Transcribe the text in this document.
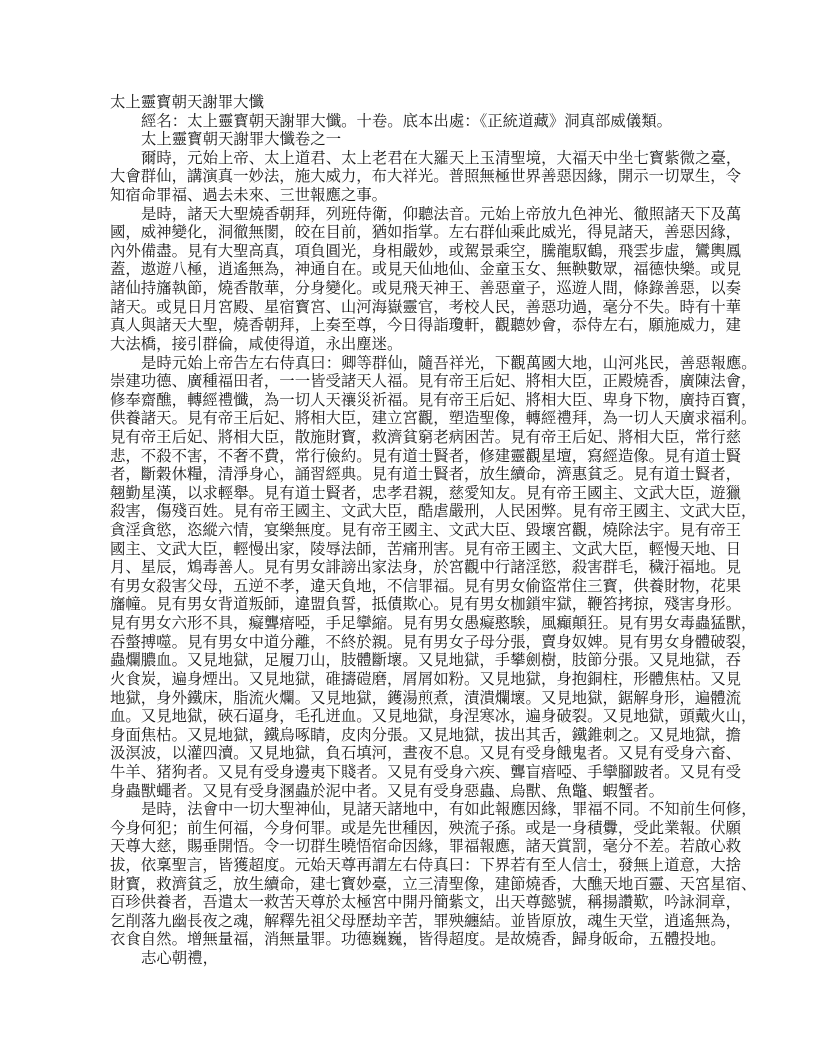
太上靈寳朝天謝罪大懺
經名：太上靈寳朝天謝罪大懺。十卷。底本出處：《正統道藏》洞真部威儀類。
太上靈寳朝天謝罪大懺卷之一
爾時，元始上帝、太上道君、太上老君在大羅天上玉清聖境，大福天中坐七寳紫微之臺，
大會群仙，講演真一妙法，施大威力，布大祥光。普照無極世界善惡因緣，開示一切眾生，令
知宿命罪福、過去未來、三世報應之事。
是時，諸天大聖燒香朝拜，列班侍衛，仰聽法音。元始上帝放九色神光、徹照諸天下及萬
國，威神變化，洞徹無閡，皎在目前，猶如指掌。左右群仙乘此威光，得見諸天，善惡因緣，
內外備盡。見有大聖高真，項負圓光，身相嚴妙，或駕景乘空，騰龍馭鶴，飛雲步虛，鸞輿鳳
蓋，遨遊八極，逍遙無為，神通自在。或見天仙地仙、金童玉女、無鞅數眾，福德快樂。或見
諸仙持旛執節，燒香散華，分身變化。或見飛天神王、善惡童子，巡遊人間，條錄善惡，以奏
諸天。或見日月宮殿、星宿寳宮、山河海嶽靈官，考校人民，善惡功過，毫分不失。時有十華
真人與諸天大聖，燒香朝拜，上奏至尊，今日得詣瓊軒，觀聽妙會，忝侍左右，願施威力，建
大法橋，接引群倫，咸使得道，永出塵迷。
是時元始上帝告左右侍真曰：卿等群仙，隨吾祥光，下觀萬國大地，山河兆民，善惡報應。
崇建功德、廣種福田者，一一皆受諸天人福。見有帝王后妃、將相大臣，正殿燒香，廣陳法會，
修奉齋醮，轉經禮懺，為一切人天禳災祈福。見有帝王后妃、將相大臣、卑身下物，廣持百寳，
供養諸天。見有帝王后妃、將相大臣，建立宮觀，塑造聖像，轉經禮拜，為一切人天廣求福利。
見有帝王后妃、將相大臣，散施財寳，救濟貧窮老病困苦。見有帝王后妃、將相大臣，常行慈
悲，不殺不害，不奢不費，常行儉約。見有道士賢者，修建靈觀星壇，寫經造像。見有道士賢
者，斷穀休糧，清淨身心，誦習經典。見有道士賢者，放生續命，濟惠貧乏。見有道士賢者，
翹勤星漢，以求輕舉。見有道士賢者，忠孝君親，慈愛知友。見有帝王國主、文武大臣，遊獵
殺害，傷殘百姓。見有帝王國主、文武大臣，酷虐嚴刑，人民困弊。見有帝王國主、文武大臣，
貪淫貪慾，恣縱六情，宴樂無度。見有帝王國主、文武大臣、毀壞宮觀，燒除法宇。見有帝王
國主、文武大臣，輕慢出家，陵辱法師，苦痛刑害。見有帝王國主、文武大臣，輕慢天地、日
月、星辰，鴆毒善人。見有男女誹謗出家法身，於宮觀中行諸淫慾，殺害群毛，穢汙福地。見
有男女殺害父母，五逆不孝，違天負地，不信罪福。見有男女偷盜常住三寳，供養財物，花果
旛幢。見有男女背道叛師，違盟負誓，抵債欺心。見有男女枷鎖牢獄，鞭笞拷掠，殘害身形。
見有男女六形不具，癡聾瘖啞，手足攣縮。見有男女愚癡憨騃，風癲顛狂。見有男女毒蟲猛獸，
吞螫搏噬。見有男女中道分離，不終於親。見有男女子母分張，賣身奴婢。見有男女身體破裂，
蟲爛膿血。又見地獄，足履刀山，肢體斷壞。又見地獄，手攀劍樹，肢節分張。又見地獄，吞
火食炭，遍身煙出。又見地獄，碓擣磑磨，屑屑如粉。又見地獄，身抱銅柱，形體焦枯。又見
地獄，身外鐵床，脂流火爛。又見地獄，鑊湯煎煮，漬潰爛壞。又見地獄，鋸解身形，遍體流
血。又見地獄，硤石逼身，毛孔迸血。又見地獄，身涅寒冰，遍身破裂。又見地獄，頭戴火山，
身面焦枯。又見地獄，鐵烏啄睛，皮肉分張。又見地獄，拔出其舌，鐵錐刺之。又見地獄，擔
汲溟波，以灌四瀆。又見地獄，負石填河，晝夜不息。又見有受身餓鬼者。又見有受身六畜、
牛羊、猪狗者。又見有受身邊夷下賤者。又見有受身六疾、聾盲瘖啞、手攣腳跛者。又見有受
身蟲獸蠅者。又見有受身溷蟲於泥中者。又見有受身惡蟲、烏獸、魚鼈、蝦蟹者。
是時，法會中一切大聖神仙，見諸天諸地中，有如此報應因緣，罪福不同。不知前生何修，
今身何犯；前生何福，今身何罪。或是先世種因，殃流子孫。或是一身積釁，受此業報。伏願
天尊大慈，賜垂開悟。令一切群生曉悟宿命因緣，罪福報應，諸天賞罰，毫分不差。若啟心救
拔，依稟聖言，皆獲超度。元始天尊再謂左右侍真曰：下界若有至人信士，發無上道意，大捨
財寳，救濟貧乏，放生續命，建七寳妙臺，立三清聖像，建節燒香，大醮天地百靈、天宮星宿、
百珍供養者，吾遣太一救苦天尊於太極宮中開丹簡紫文，出天尊懿號，稱揚讚歎，吟詠洞章，
乞削落九幽長夜之魂，解釋先祖父母歷劫辛苦，罪殃纏結。並皆原放，魂生天堂，逍遙無為，
衣食自然。增無量福，消無量罪。功德巍巍，皆得超度。是故燒香，歸身皈命，五體投地。
志心朝禮，
